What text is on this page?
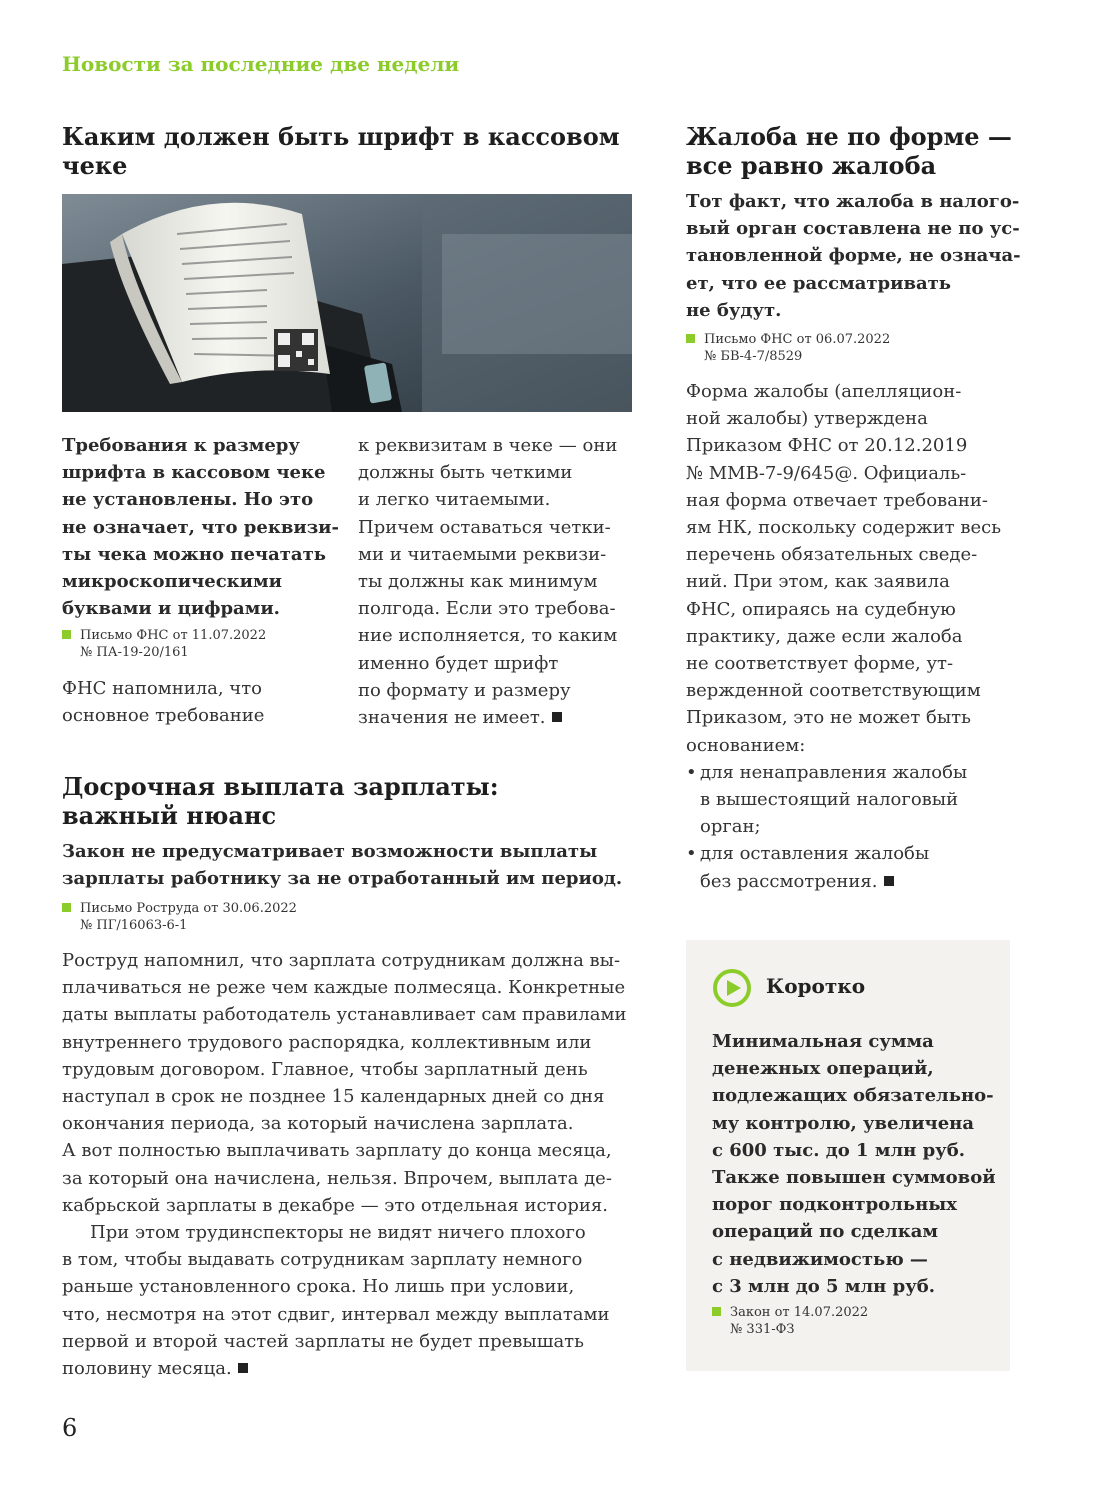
Новости за последние две недели
Каким должен быть шрифт в кассовом
чеке
Требования к размеру
шрифта в кассовом чеке
не установлены. Но это
не означает, что реквизи-
ты чека можно печатать
микроскопическими
буквами и цифрами.
Письмо ФНС от 11.07.2022
№ ПА-19-20/161
ФНС напомнила, что
основное требование
к реквизитам в чеке — они
должны быть четкими
и легко читаемыми.
Причем оставаться четки-
ми и читаемыми реквизи-
ты должны как минимум
полгода. Если это требова-
ние исполняется, то каким
именно будет шрифт
по формату и размеру
значения не имеет.
Досрочная выплата зарплаты:
важный нюанс
Закон не предусматривает возможности выплаты
зарплаты работнику за не отработанный им период.
Письмо Роструда от 30.06.2022
№ ПГ/16063-6-1
Роструд напомнил, что зарплата сотрудникам должна вы-
плачиваться не реже чем каждые полмесяца. Конкретные
даты выплаты работодатель устанавливает сам правилами
внутреннего трудового распорядка, коллективным или
трудовым договором. Главное, чтобы зарплатный день
наступал в срок не позднее 15 календарных дней со дня
окончания периода, за который начислена зарплата.
А вот полностью выплачивать зарплату до конца месяца,
за который она начислена, нельзя. Впрочем, выплата де-
кабрьской зарплаты в декабре — это отдельная история.
При этом трудинспекторы не видят ничего плохого
в том, чтобы выдавать сотрудникам зарплату немного
раньше установленного срока. Но лишь при условии,
что, несмотря на этот сдвиг, интервал между выплатами
первой и второй частей зарплаты не будет превышать
половину месяца.
Жалоба не по форме —
все равно жалоба
Тот факт, что жалоба в налого-
вый орган составлена не по ус-
тановленной форме, не означа-
ет, что ее рассматривать
не будут.
Письмо ФНС от 06.07.2022
№ БВ-4-7/8529
Форма жалобы (апелляцион-
ной жалобы) утверждена
Приказом ФНС от 20.12.2019
№ ММВ-7-9/645@. Официаль-
ная форма отвечает требовани-
ям НК, поскольку содержит весь
перечень обязательных сведе-
ний. При этом, как заявила
ФНС, опираясь на судебную
практику, даже если жалоба
не соответствует форме, ут-
вержденной соответствующим
Приказом, это не может быть
основанием:
• для ненаправления жалобы
в вышестоящий налоговый
орган;
• для оставления жалобы
без рассмотрения.
Коротко
Минимальная сумма
денежных операций,
подлежащих обязательно-
му контролю, увеличена
с 600 тыс. до 1 млн руб.
Также повышен суммовой
порог подконтрольных
операций по сделкам
с недвижимостью —
с 3 млн до 5 млн руб.
Закон от 14.07.2022
№ 331-ФЗ
6
